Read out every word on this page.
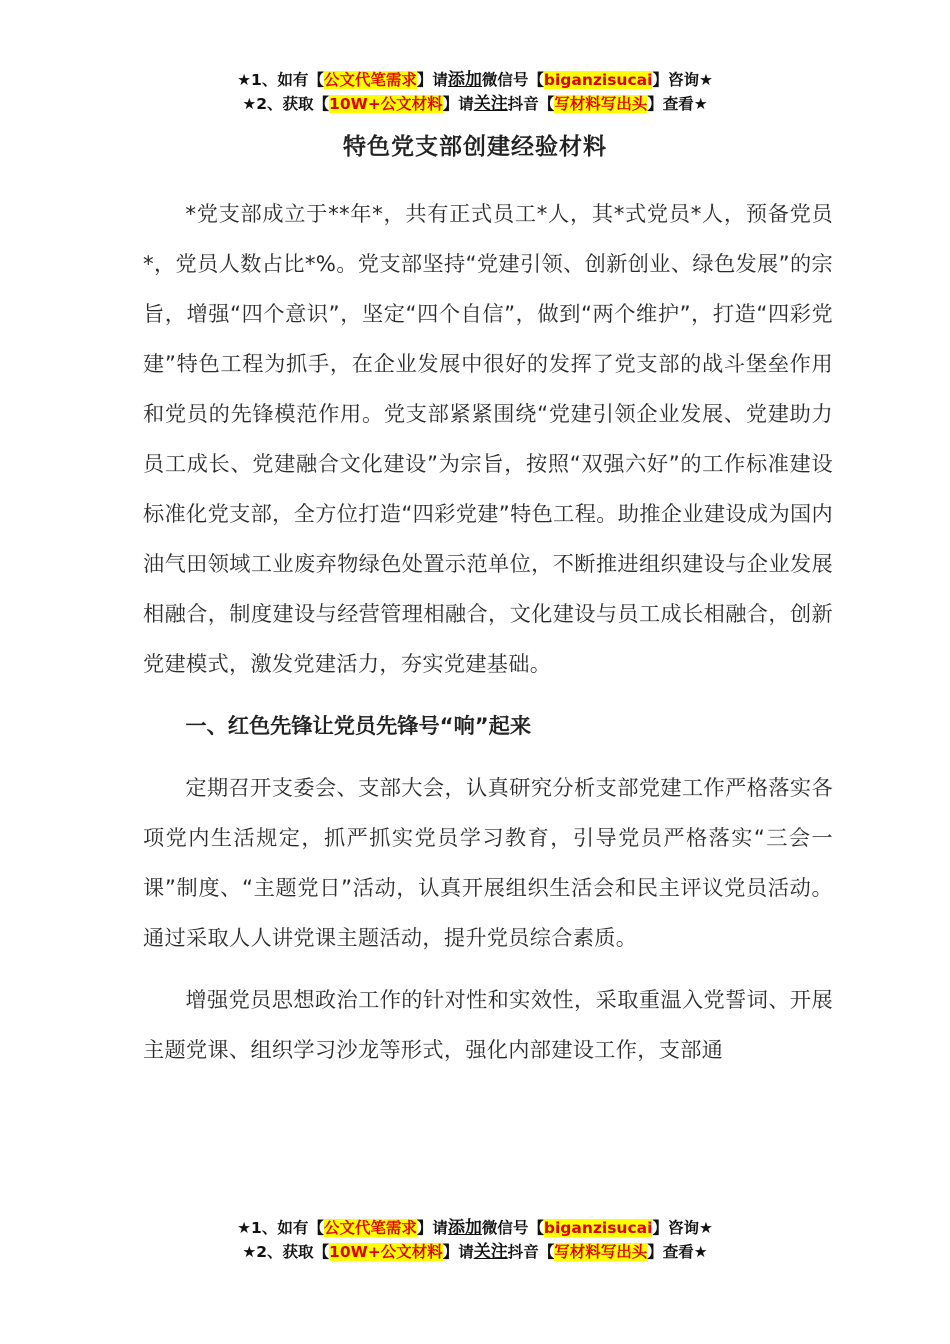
★1、如有【公文代笔需求】请添加微信号【biganzisucai】咨询★
★2、获取【10W+公文材料】请关注抖音【写材料写出头】查看★
特色党支部创建经验材料

*党支部成立于**年*，共有正式员工*人，其*式党员*人，预备党员*，党员人数占比*%。党支部坚持“党建引领、创新创业、绿色发展”的宗旨，增强“四个意识”，坚定“四个自信”，做到“两个维护”，打造“四彩党建”特色工程为抓手，在企业发展中很好的发挥了党支部的战斗堡垒作用和党员的先锋模范作用。党支部紧紧围绕“党建引领企业发展、党建助力员工成长、党建融合文化建设”为宗旨，按照“双强六好”的工作标准建设标准化党支部，全方位打造“四彩党建”特色工程。助推企业建设成为国内油气田领域工业废弃物绿色处置示范单位，不断推进组织建设与企业发展相融合，制度建设与经营管理相融合，文化建设与员工成长相融合，创新党建模式，激发党建活力，夯实党建基础。

一、红色先锋让党员先锋号“响”起来

定期召开支委会、支部大会，认真研究分析支部党建工作严格落实各项党内生活规定，抓严抓实党员学习教育，引导党员严格落实“三会一课”制度、“主题党日”活动，认真开展组织生活会和民主评议党员活动。通过采取人人讲党课主题活动，提升党员综合素质。

增强党员思想政治工作的针对性和实效性，采取重温入党誓词、开展主题党课、组织学习沙龙等形式，强化内部建设工作，支部通

★1、如有【公文代笔需求】请添加微信号【biganzisucai】咨询★
★2、获取【10W+公文材料】请关注抖音【写材料写出头】查看★
